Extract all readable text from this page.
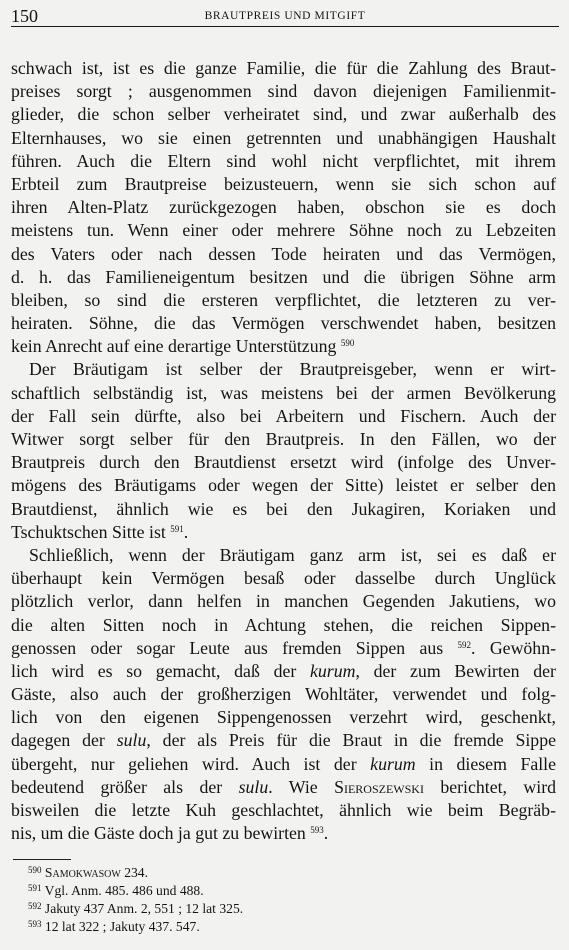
150	BRAUTPREIS UND MITGIFT
schwach ist, ist es die ganze Familie, die für die Zahlung des Braut-
preises sorgt ; ausgenommen sind davon diejenigen Familienmit-
glieder, die schon selber verheiratet sind, und zwar außerhalb des
Elternhauses, wo sie einen getrennten und unabhängigen Haushalt
führen. Auch die Eltern sind wohl nicht verpflichtet, mit ihrem
Erbteil zum Brautpreise beizusteuern, wenn sie sich schon auf
ihren Alten-Platz zurückgezogen haben, obschon sie es doch
meistens tun. Wenn einer oder mehrere Söhne noch zu Lebzeiten
des Vaters oder nach dessen Tode heiraten und das Vermögen,
d. h. das Familieneigentum besitzen und die übrigen Söhne arm
bleiben, so sind die ersteren verpflichtet, die letzteren zu ver-
heiraten. Söhne, die das Vermögen verschwendet haben, besitzen
kein Anrecht auf eine derartige Unterstützung $^{590}$
Der Bräutigam ist selber der Brautpreisgeber, wenn er wirt-
schaftlich selbständig ist, was meistens bei der armen Bevölkerung
der Fall sein dürfte, also bei Arbeitern und Fischern. Auch der
Witwer sorgt selber für den Brautpreis. In den Fällen, wo der
Brautpreis durch den Brautdienst ersetzt wird (infolge des Unver-
mögens des Bräutigams oder wegen der Sitte) leistet er selber den
Brautdienst, ähnlich wie es bei den Jukagiren, Koriaken und
Tschuktschen Sitte ist $^{591}$.
Schließlich, wenn der Bräutigam ganz arm ist, sei es daß er
überhaupt kein Vermögen besaß oder dasselbe durch Unglück
plötzlich verlor, dann helfen in manchen Gegenden Jakutiens, wo
die alten Sitten noch in Achtung stehen, die reichen Sippen-
genossen oder sogar Leute aus fremden Sippen aus $^{592}$. Gewöhn-
lich wird es so gemacht, daß der kurum, der zum Bewirten der
Gäste, also auch der großherzigen Wohltäter, verwendet und folg-
lich von den eigenen Sippengenossen verzehrt wird, geschenkt,
dagegen der sulu, der als Preis für die Braut in die fremde Sippe
übergeht, nur geliehen wird. Auch ist der kurum in diesem Falle
bedeutend größer als der sulu. Wie Sieroszewski berichtet, wird
bisweilen die letzte Kuh geschlachtet, ähnlich wie beim Begräb-
nis, um die Gäste doch ja gut zu bewirten $^{593}$.
$^{590}$ Samokwasow 234.
$^{591}$ Vgl. Anm. 485. 486 und 488.
$^{592}$ Jakuty 437 Anm. 2, 551 ; 12 lat 325.
$^{593}$ 12 lat 322 ; Jakuty 437. 547.
